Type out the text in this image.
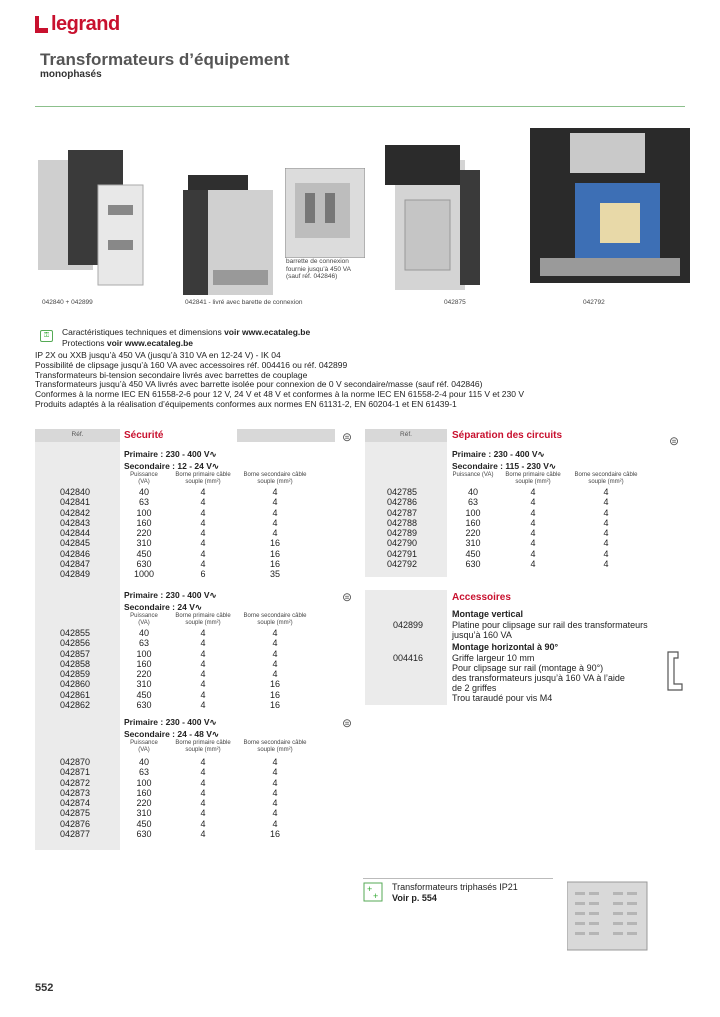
legrand
Transformateurs d’équipement
monophasés
barrette de connexion
fournie jusqu’à 450 VA
(sauf réf. 042846)
042840 + 042899	042841 - livré avec barette de connexion	042875	042792
⚿	Caractéristiques techniques et dimensions voir www.ecataleg.be
Protections voir www.ecataleg.be
IP 2X ou XXB jusqu’à 450 VA (jusqu’à 310 VA en 12-24 V) - IK 04
Possibilité de clipsage jusqu’à 160 VA avec accessoires réf. 004416 ou réf. 042899
Transformateurs bi-tension secondaire livrés avec barrettes de couplage
Transformateurs jusqu’à 450 VA livrés avec barrette isolée pour connexion de 0 V secondaire/masse (sauf réf. 042846)
Conformes à la norme IEC EN 61558-2-6 pour 12 V, 24 V et 48 V et conformes à la norme IEC EN 61558-2-4 pour 115 V et 230 V
Produits adaptés à la réalisation d’équipements conformes aux normes EN 61131-2, EN 60204-1 et EN 61439-1
Réf.	Sécurité	⊜
Primaire : 230 - 400 V∿
Secondaire : 12 - 24 V∿
Puissance (VA)
Borne primaire câble souple (mm²)
Borne secondaire câble souple (mm²)
042840	40	4	4
042841	63	4	4
042842	100	4	4
042843	160	4	4
042844	220	4	4
042845	310	4	16
042846	450	4	16
042847	630	4	16
042849	1000	6	35
⊜
Primaire : 230 - 400 V∿
Secondaire : 24 V∿
Puissance (VA)
Borne primaire câble souple (mm²)
Borne secondaire câble souple (mm²)
042855	40	4	4
042856	63	4	4
042857	100	4	4
042858	160	4	4
042859	220	4	4
042860	310	4	16
042861	450	4	16
042862	630	4	16
⊜
Primaire : 230 - 400 V∿
Secondaire : 24 - 48 V∿
Puissance (VA)
Borne primaire câble souple (mm²)
Borne secondaire câble souple (mm²)
042870	40	4	4
042871	63	4	4
042872	100	4	4
042873	160	4	4
042874	220	4	4
042875	310	4	4
042876	450	4	4
042877	630	4	16
Réf.	Séparation des circuits	⊜
Primaire : 230 - 400 V∿
Secondaire : 115 - 230 V∿
Puissance (VA)	Borne primaire câble souple (mm²)
Borne secondaire câble souple (mm²)
042785	40	4	4
042786	63	4	4
042787	100	4	4
042788	160	4	4
042789	220	4	4
042790	310	4	4
042791	450	4	4
042792	630	4	4
Accessoires
042899
Montage vertical
Platine pour clipsage sur rail des transformateurs
jusqu’à 160 VA
004416
Montage horizontal à 90°
Griffe largeur 10 mm
Pour clipsage sur rail (montage à 90°)
des transformateurs jusqu’à 160 VA à l’aide
de 2 griffes
Trou taraudé pour vis M4
+
+
Transformateurs triphasés IP21
Voir p. 554
552
